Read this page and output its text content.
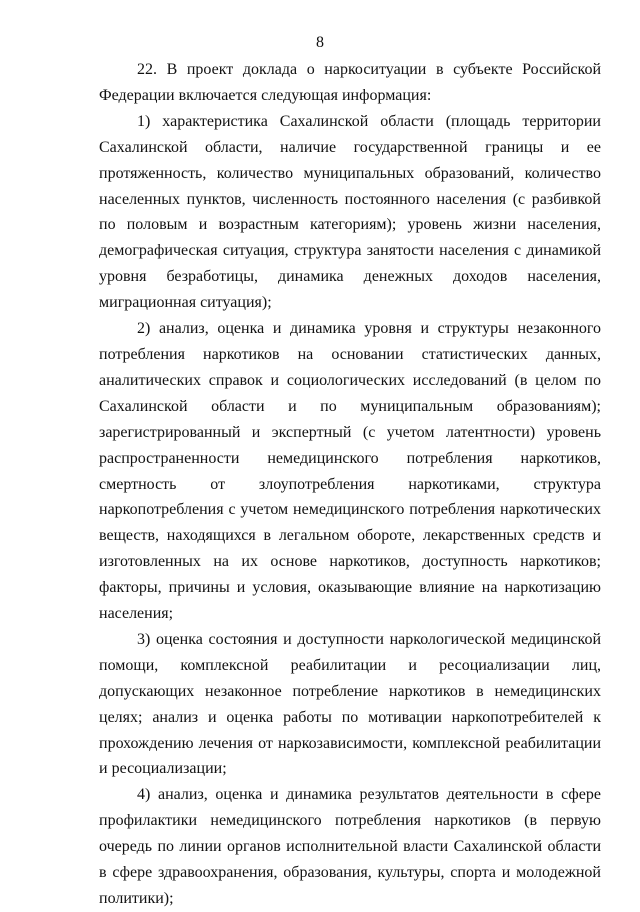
8

22. В проект доклада о наркоситуации в субъекте Российской Федерации включается следующая информация:

1) характеристика Сахалинской области (площадь территории Сахалинской области, наличие государственной границы и ее протяженность, количество муниципальных образований, количество населенных пунктов, численность постоянного населения (с разбивкой по половым и возрастным категориям); уровень жизни населения, демографическая ситуация, структура занятости населения с динамикой уровня безработицы, динамика денежных доходов населения, миграционная ситуация);

2) анализ, оценка и динамика уровня и структуры незаконного потребления наркотиков на основании статистических данных, аналитических справок и социологических исследований (в целом по Сахалинской области и по муниципальным образованиям); зарегистрированный и экспертный (с учетом латентности) уровень распространенности немедицинского потребления наркотиков, смертность от злоупотребления наркотиками, структура наркопотребления с учетом немедицинского потребления наркотических веществ, находящихся в легальном обороте, лекарственных средств и изготовленных на их основе наркотиков, доступность наркотиков; факторы, причины и условия, оказывающие влияние на наркотизацию населения;

3) оценка состояния и доступности наркологической медицинской помощи, комплексной реабилитации и ресоциализации лиц, допускающих незаконное потребление наркотиков в немедицинских целях; анализ и оценка работы по мотивации наркопотребителей к прохождению лечения от наркозависимости, комплексной реабилитации и ресоциализации;

4) анализ, оценка и динамика результатов деятельности в сфере профилактики немедицинского потребления наркотиков (в первую очередь по линии органов исполнительной власти Сахалинской области в сфере здравоохранения, образования, культуры, спорта и молодежной политики);
